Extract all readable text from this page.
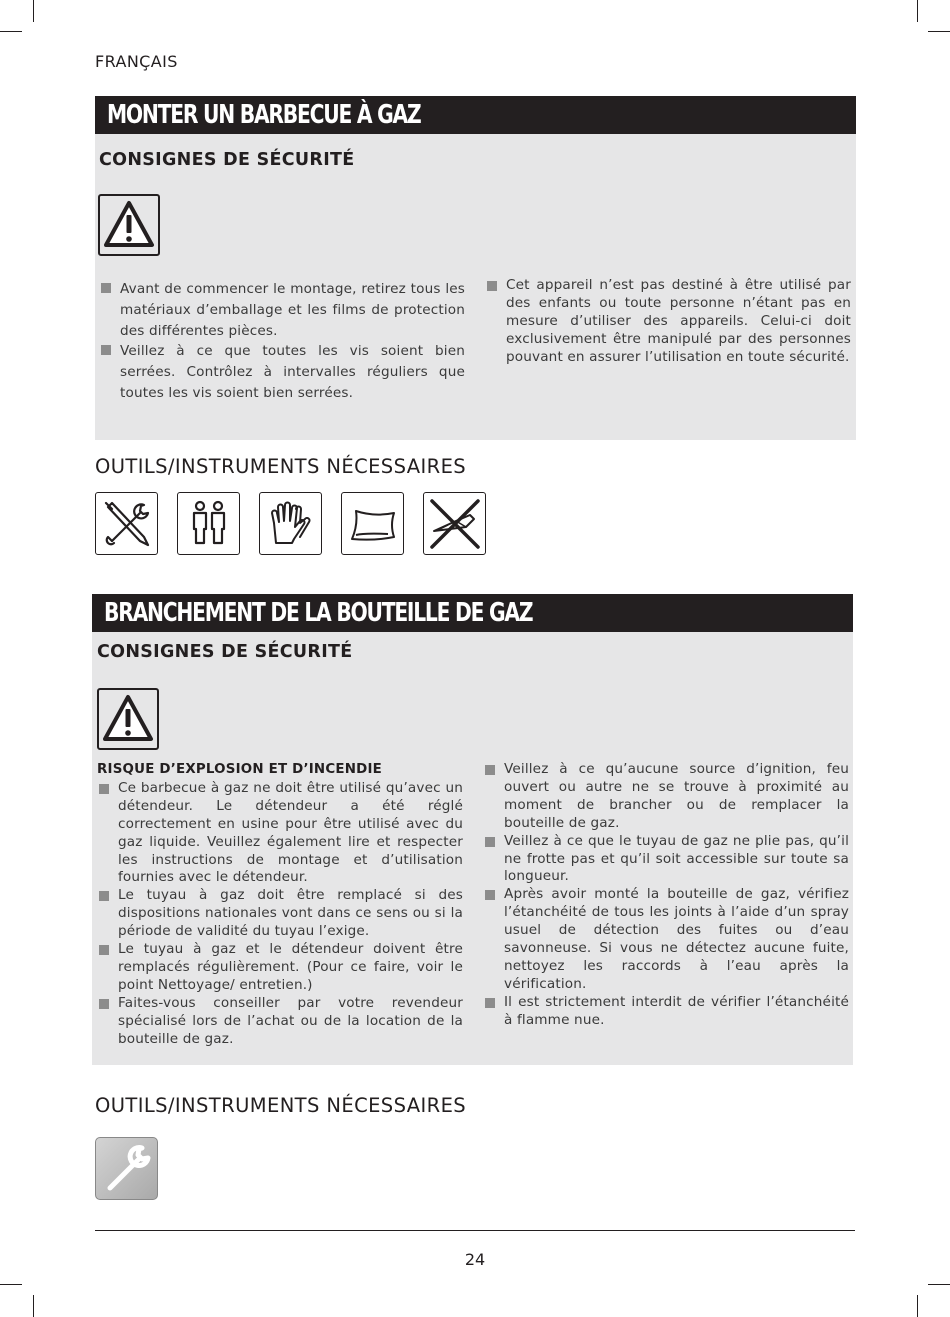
FRANÇAIS
MONTER UN BARBECUE À GAZ
CONSIGNES DE SÉCURITÉ
Avant de commencer le montage, retirez tous les matériaux d’emballage et les films de protection des différentes pièces.
Veillez à ce que toutes les vis soient bien serrées. Contrôlez à intervalles réguliers que toutes les vis soient bien serrées.
Cet appareil n’est pas destiné à être utilisé par des enfants ou toute personne n’étant pas en mesure d’utiliser des appareils. Celui-ci doit exclusivement être manipulé par des personnes pouvant en assurer l’utilisation en toute sécurité.
OUTILS/INSTRUMENTS NÉCESSAIRES
BRANCHEMENT DE LA BOUTEILLE DE GAZ
CONSIGNES DE SÉCURITÉ
RISQUE D’EXPLOSION ET D’INCENDIE
Ce barbecue à gaz ne doit être utilisé qu’avec un détendeur. Le détendeur a été réglé correctement en usine pour être utilisé avec du gaz liquide. Veuillez également lire et respecter les instructions de montage et d’utilisation fournies avec le détendeur.
Le tuyau à gaz doit être remplacé si des dispositions nationales vont dans ce sens ou si la période de validité du tuyau l’exige.
Le tuyau à gaz et le détendeur doivent être remplacés régulièrement. (Pour ce faire, voir le point Nettoyage/ entretien.)
Faites-vous conseiller par votre revendeur spécialisé lors de l’achat ou de la location de la bouteille de gaz.
Veillez à ce qu’aucune source d’ignition, feu ouvert ou autre ne se trouve à proximité au moment de brancher ou de remplacer la bouteille de gaz.
Veillez à ce que le tuyau de gaz ne plie pas, qu’il ne frotte pas et qu’il soit accessible sur toute sa longueur.
Après avoir monté la bouteille de gaz, vérifiez l’étanchéité de tous les joints à l’aide d’un spray usuel de détection des fuites ou d’eau savonneuse. Si vous ne détectez aucune fuite, nettoyez les raccords à l’eau après la vérification.
Il est strictement interdit de vérifier l’étanchéité à flamme nue.
OUTILS/INSTRUMENTS NÉCESSAIRES
24
